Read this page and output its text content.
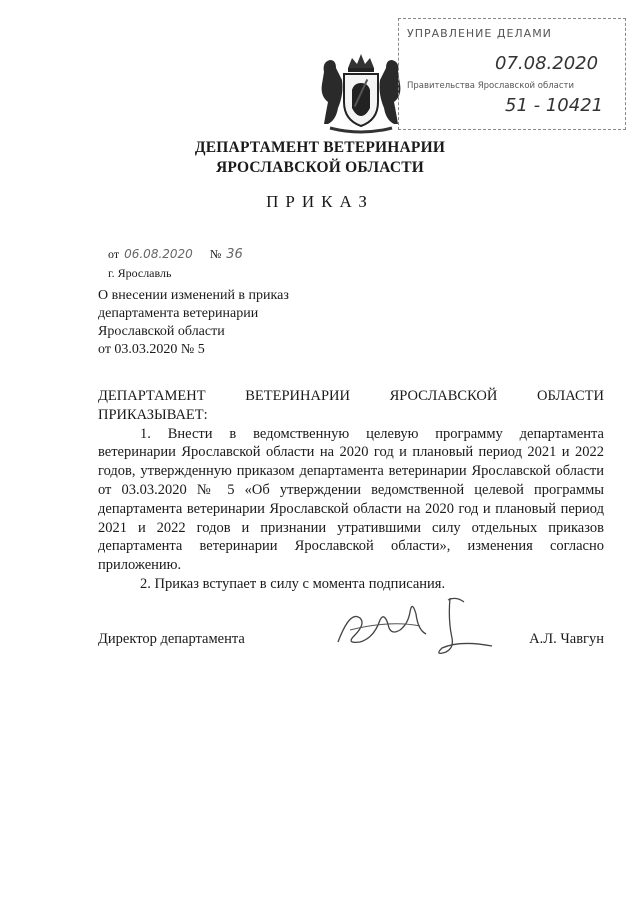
УПРАВЛЕНИЕ ДЕЛАМИ
07.08.2020
Правительства Ярославской области
51 - 10421
ДЕПАРТАМЕНТ ВЕТЕРИНАРИИ
ЯРОСЛАВСКОЙ ОБЛАСТИ
ПРИКАЗ
от 06.08.2020 № 36
г. Ярославль
О внесении изменений в приказ
департамента ветеринарии
Ярославской области
от 03.03.2020 № 5
ДЕПАРТАМЕНТ	ВЕТЕРИНАРИИ	ЯРОСЛАВСКОЙ	ОБЛАСТИ

ПРИКАЗЫВАЕТ:

1. Внести в ведомственную целевую программу департамента ветеринарии Ярославской области на 2020 год и плановый период 2021 и 2022 годов, утвержденную приказом департамента ветеринарии Ярославской области от 03.03.2020 № 5 «Об утверждении ведомственной целевой программы департамента ветеринарии Ярославской области на 2020 год и плановый период 2021 и 2022 годов и признании утратившими силу отдельных приказов департамента ветеринарии Ярославской области», изменения согласно приложению.

2. Приказ вступает в силу с момента подписания.

Директор департамента	А.Л. Чавгун
